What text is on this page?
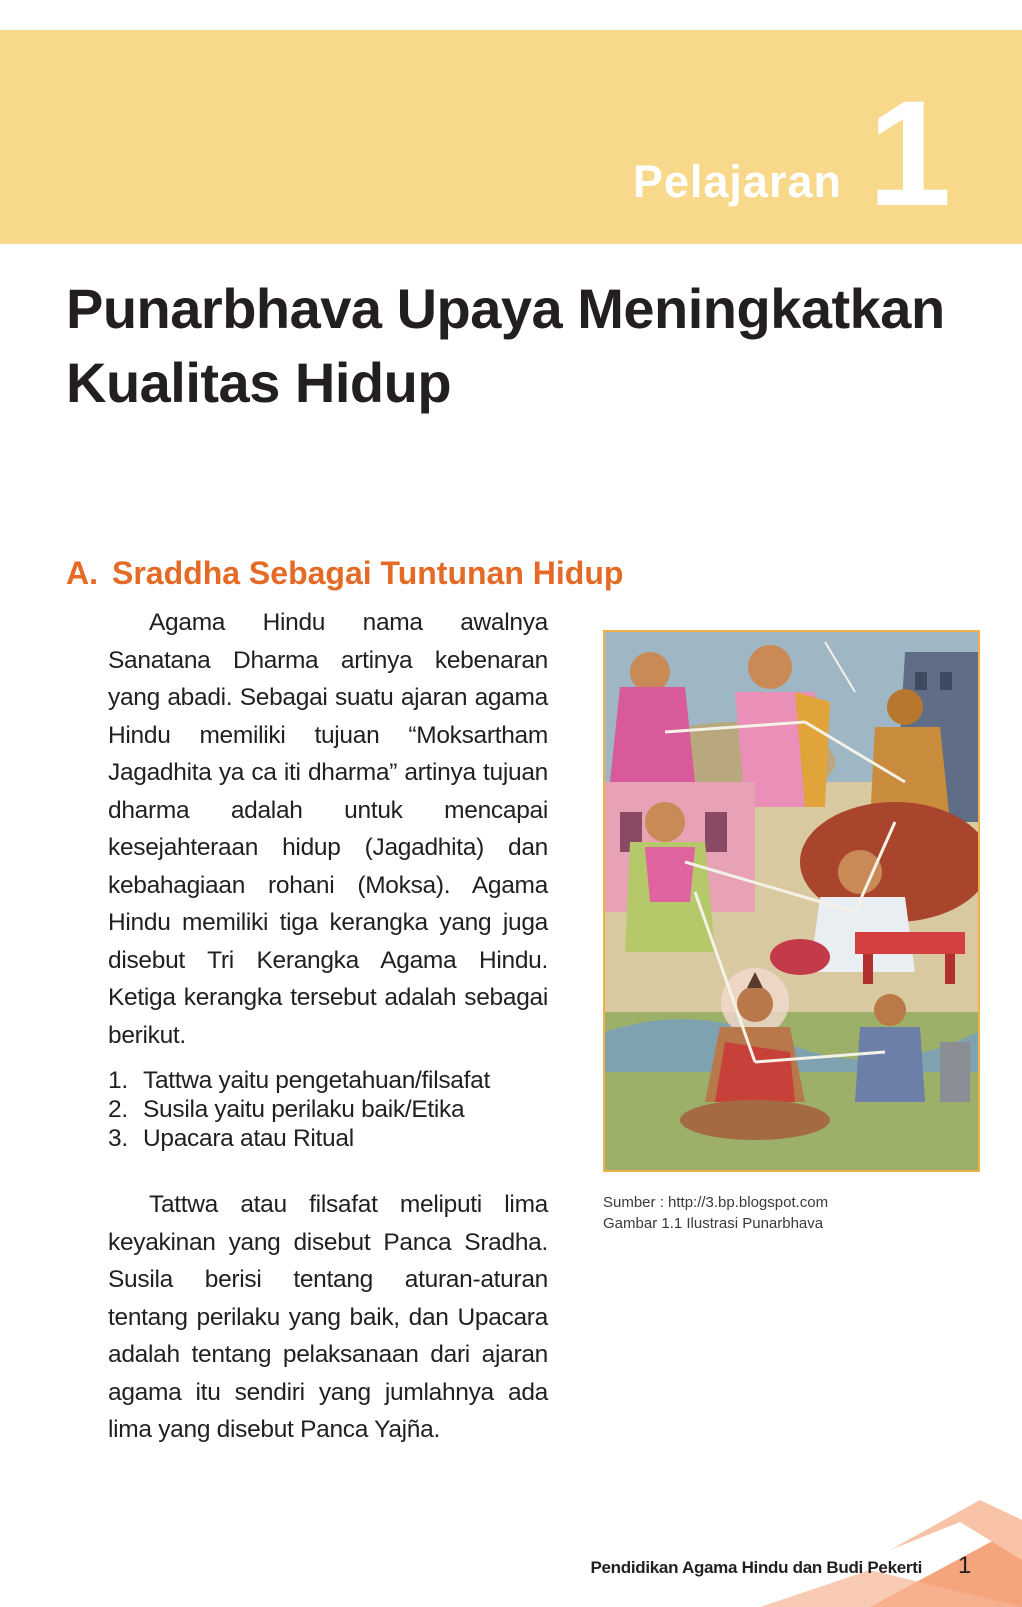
Pelajaran 1
Punarbhava Upaya Meningkatkan Kualitas Hidup
A. Sraddha Sebagai Tuntunan Hidup

Agama Hindu nama awalnya Sanatana Dharma artinya kebenaran yang abadi. Sebagai suatu ajaran agama Hindu memiliki tujuan “Moksartham Jagadhita ya ca iti dharma” artinya tujuan dharma adalah untuk mencapai kesejahteraan hidup (Jagadhita) dan kebahagiaan rohani (Moksa). Agama Hindu memiliki tiga kerangka yang juga disebut Tri Kerangka Agama Hindu. Ketiga kerangka tersebut adalah sebagai berikut.

1. Tattwa yaitu pengetahuan/filsafat
2. Susila yaitu perilaku baik/Etika
3. Upacara atau Ritual

Tattwa atau filsafat meliputi lima keyakinan yang disebut Panca Sradha. Susila berisi tentang aturan-aturan tentang perilaku yang baik, dan Upacara adalah tentang pelaksanaan dari ajaran agama itu sendiri yang jumlahnya ada lima yang disebut Panca Yajña.

Sumber : http://3.bp.blogspot.com
Gambar 1.1 Ilustrasi Punarbhava
Pendidikan Agama Hindu dan Budi Pekerti 1
